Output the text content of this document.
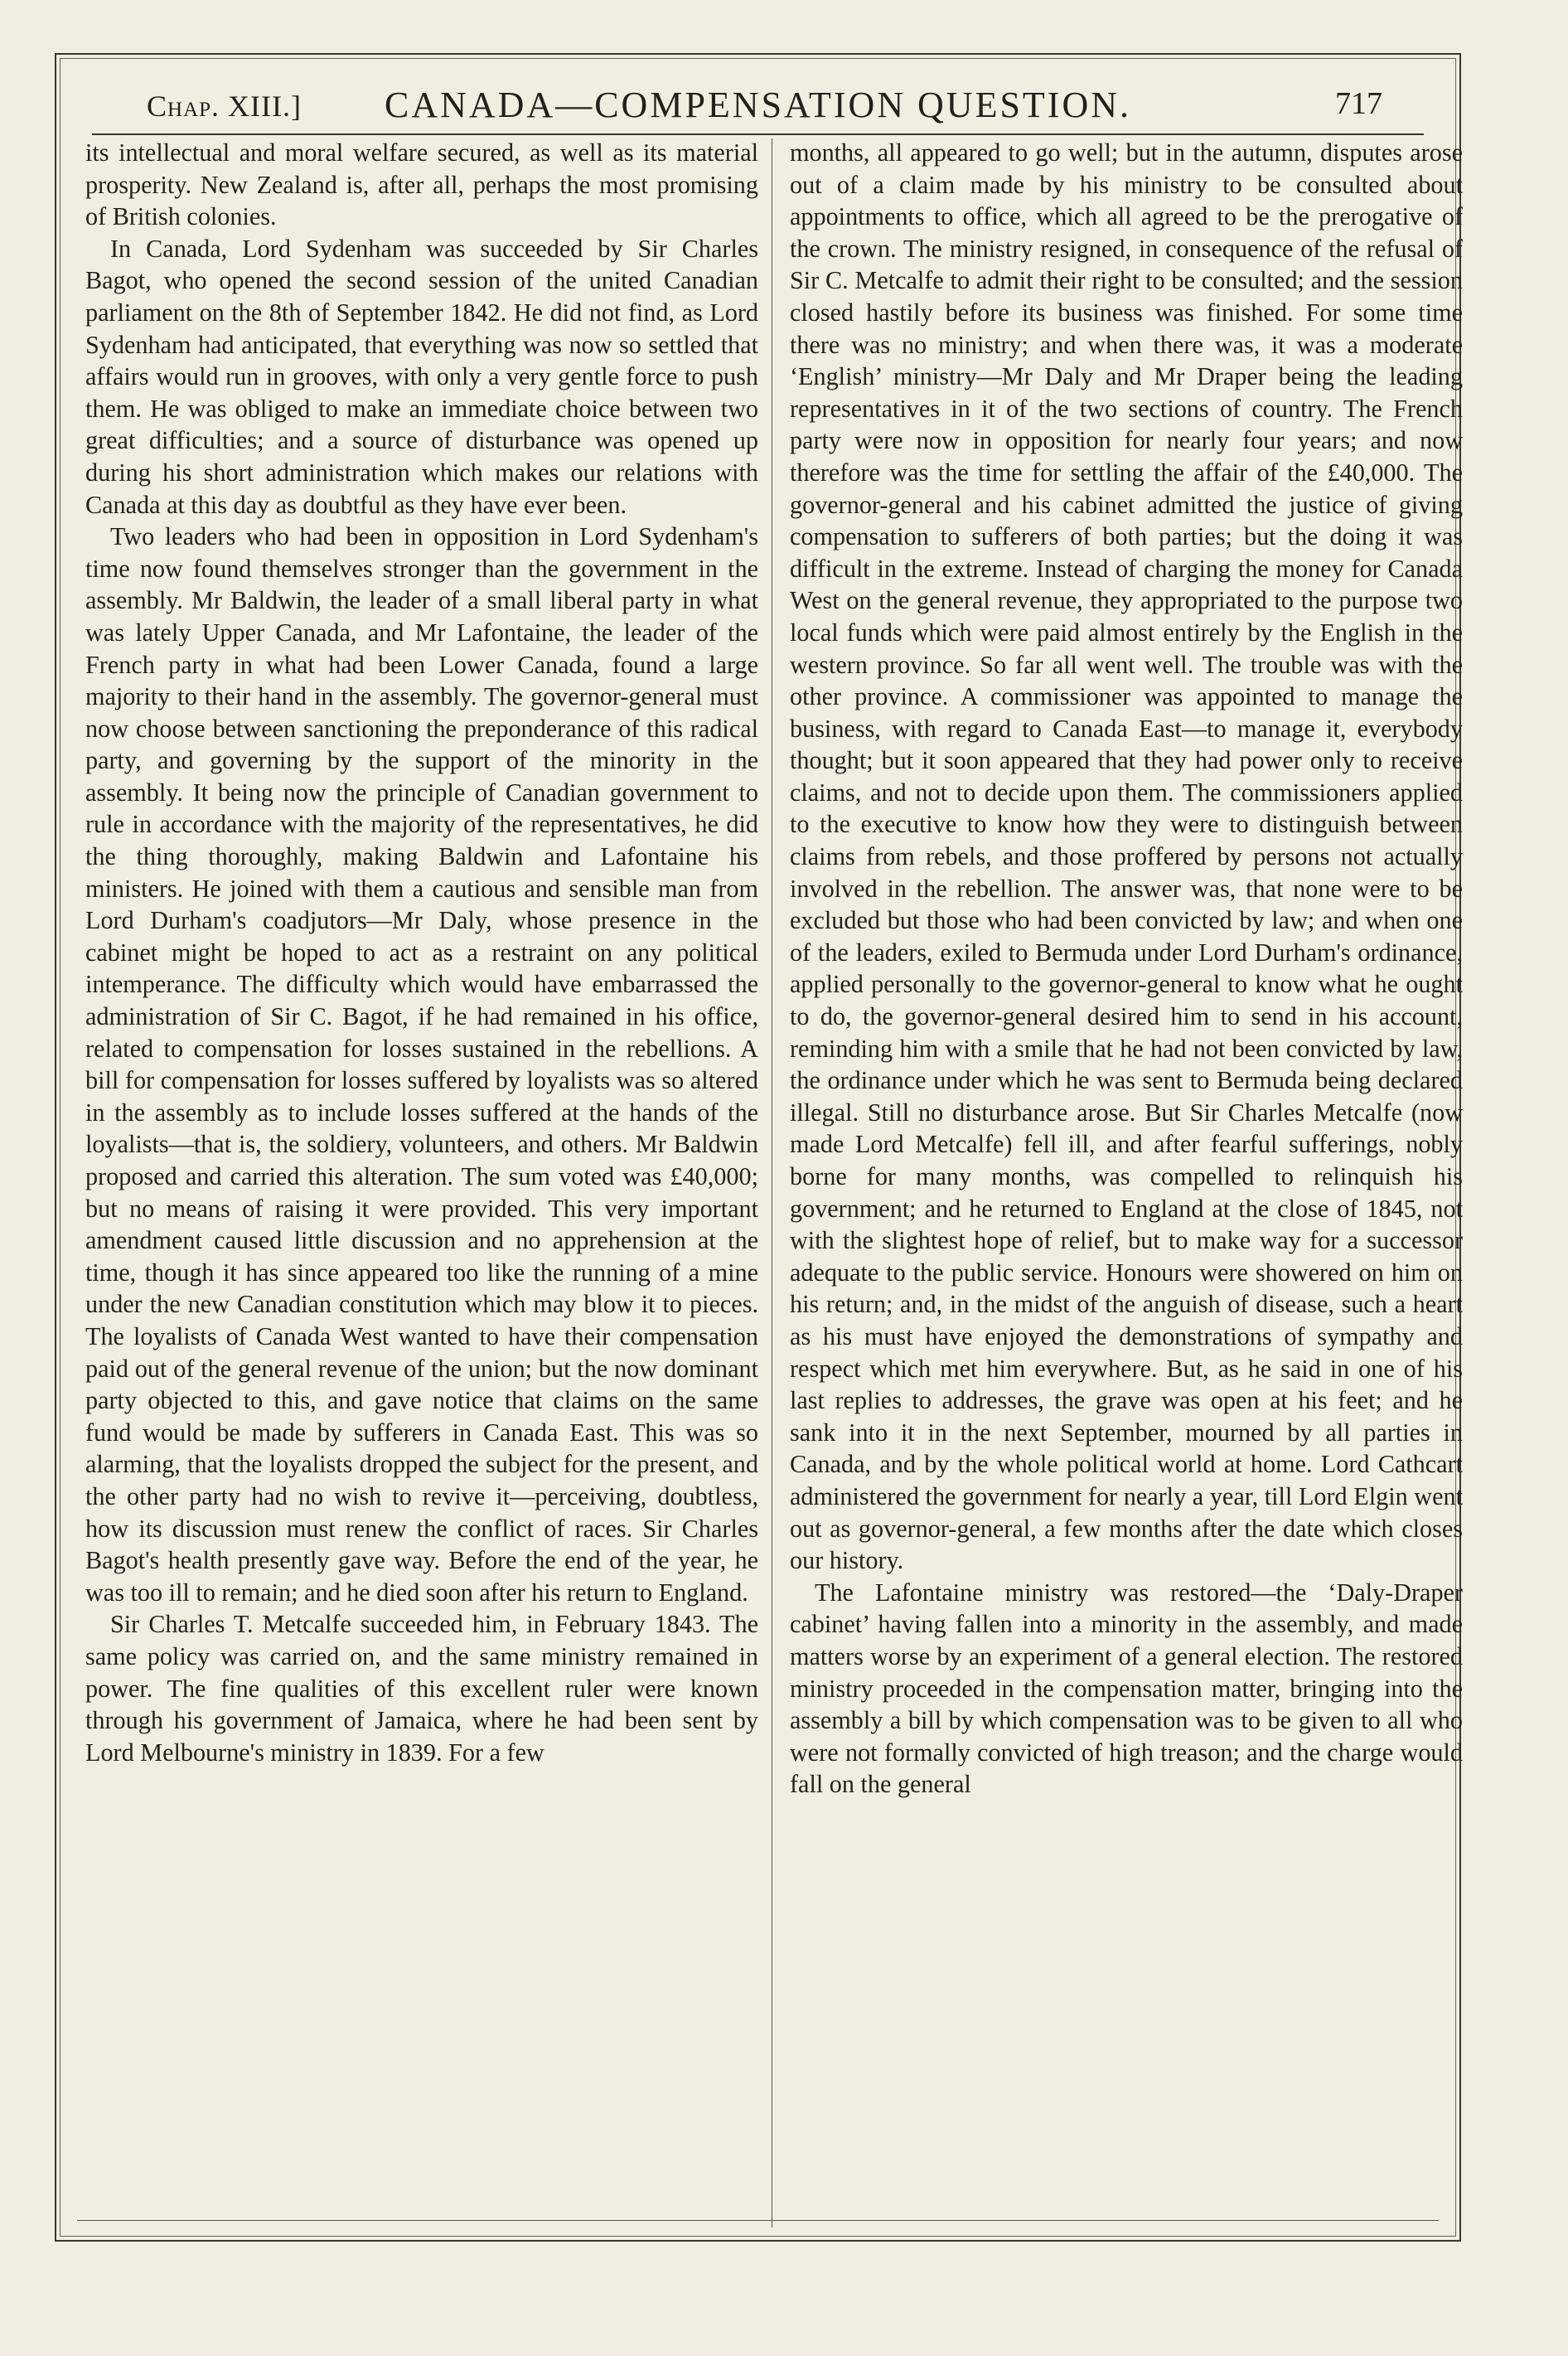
Chap. XIII.]	CANADA—COMPENSATION QUESTION.	717

its intellectual and moral welfare secured, as well as its material prosperity. New Zealand is, after all, perhaps the most promising of British colonies.

In Canada, Lord Sydenham was succeeded by Sir Charles Bagot, who opened the second session of the united Canadian parliament on the 8th of September 1842. He did not find, as Lord Sydenham had anticipated, that everything was now so settled that affairs would run in grooves, with only a very gentle force to push them. He was obliged to make an immediate choice between two great difficulties; and a source of disturbance was opened up during his short administration which makes our relations with Canada at this day as doubtful as they have ever been.

Two leaders who had been in opposition in Lord Sydenham's time now found themselves stronger than the government in the assembly. Mr Baldwin, the leader of a small liberal party in what was lately Upper Canada, and Mr Lafontaine, the leader of the French party in what had been Lower Canada, found a large majority to their hand in the assembly. The governor-general must now choose between sanctioning the preponderance of this radical party, and governing by the support of the minority in the assembly. It being now the principle of Canadian government to rule in accordance with the majority of the representatives, he did the thing thoroughly, making Baldwin and Lafontaine his ministers. He joined with them a cautious and sensible man from Lord Durham's coadjutors—Mr Daly, whose presence in the cabinet might be hoped to act as a restraint on any political intemperance. The difficulty which would have embarrassed the administration of Sir C. Bagot, if he had remained in his office, related to compensation for losses sustained in the rebellions. A bill for compensation for losses suffered by loyalists was so altered in the assembly as to include losses suffered at the hands of the loyalists—that is, the soldiery, volunteers, and others. Mr Baldwin proposed and carried this alteration. The sum voted was £40,000; but no means of raising it were provided. This very important amendment caused little discussion and no apprehension at the time, though it has since appeared too like the running of a mine under the new Canadian constitution which may blow it to pieces. The loyalists of Canada West wanted to have their compensation paid out of the general revenue of the union; but the now dominant party objected to this, and gave notice that claims on the same fund would be made by sufferers in Canada East. This was so alarming, that the loyalists dropped the subject for the present, and the other party had no wish to revive it—perceiving, doubtless, how its discussion must renew the conflict of races. Sir Charles Bagot's health presently gave way. Before the end of the year, he was too ill to remain; and he died soon after his return to England.

Sir Charles T. Metcalfe succeeded him, in February 1843. The same policy was carried on, and the same ministry remained in power. The fine qualities of this excellent ruler were known through his government of Jamaica, where he had been sent by Lord Melbourne's ministry in 1839. For a few

months, all appeared to go well; but in the autumn, disputes arose out of a claim made by his ministry to be consulted about appointments to office, which all agreed to be the prerogative of the crown. The ministry resigned, in consequence of the refusal of Sir C. Metcalfe to admit their right to be consulted; and the session closed hastily before its business was finished. For some time there was no ministry; and when there was, it was a moderate ‘English’ ministry—Mr Daly and Mr Draper being the leading representatives in it of the two sections of country. The French party were now in opposition for nearly four years; and now therefore was the time for settling the affair of the £40,000. The governor-general and his cabinet admitted the justice of giving compensation to sufferers of both parties; but the doing it was difficult in the extreme. Instead of charging the money for Canada West on the general revenue, they appropriated to the purpose two local funds which were paid almost entirely by the English in the western province. So far all went well. The trouble was with the other province. A commissioner was appointed to manage the business, with regard to Canada East—to manage it, everybody thought; but it soon appeared that they had power only to receive claims, and not to decide upon them. The commissioners applied to the executive to know how they were to distinguish between claims from rebels, and those proffered by persons not actually involved in the rebellion. The answer was, that none were to be excluded but those who had been convicted by law; and when one of the leaders, exiled to Bermuda under Lord Durham's ordinance, applied personally to the governor-general to know what he ought to do, the governor-general desired him to send in his account, reminding him with a smile that he had not been convicted by law, the ordinance under which he was sent to Bermuda being declared illegal. Still no disturbance arose. But Sir Charles Metcalfe (now made Lord Metcalfe) fell ill, and after fearful sufferings, nobly borne for many months, was compelled to relinquish his government; and he returned to England at the close of 1845, not with the slightest hope of relief, but to make way for a successor adequate to the public service. Honours were showered on him on his return; and, in the midst of the anguish of disease, such a heart as his must have enjoyed the demonstrations of sympathy and respect which met him everywhere. But, as he said in one of his last replies to addresses, the grave was open at his feet; and he sank into it in the next September, mourned by all parties in Canada, and by the whole political world at home. Lord Cathcart administered the government for nearly a year, till Lord Elgin went out as governor-general, a few months after the date which closes our history.

The Lafontaine ministry was restored—the ‘Daly-Draper cabinet’ having fallen into a minority in the assembly, and made matters worse by an experiment of a general election. The restored ministry proceeded in the compensation matter, bringing into the assembly a bill by which compensation was to be given to all who were not formally convicted of high treason; and the charge would fall on the general
